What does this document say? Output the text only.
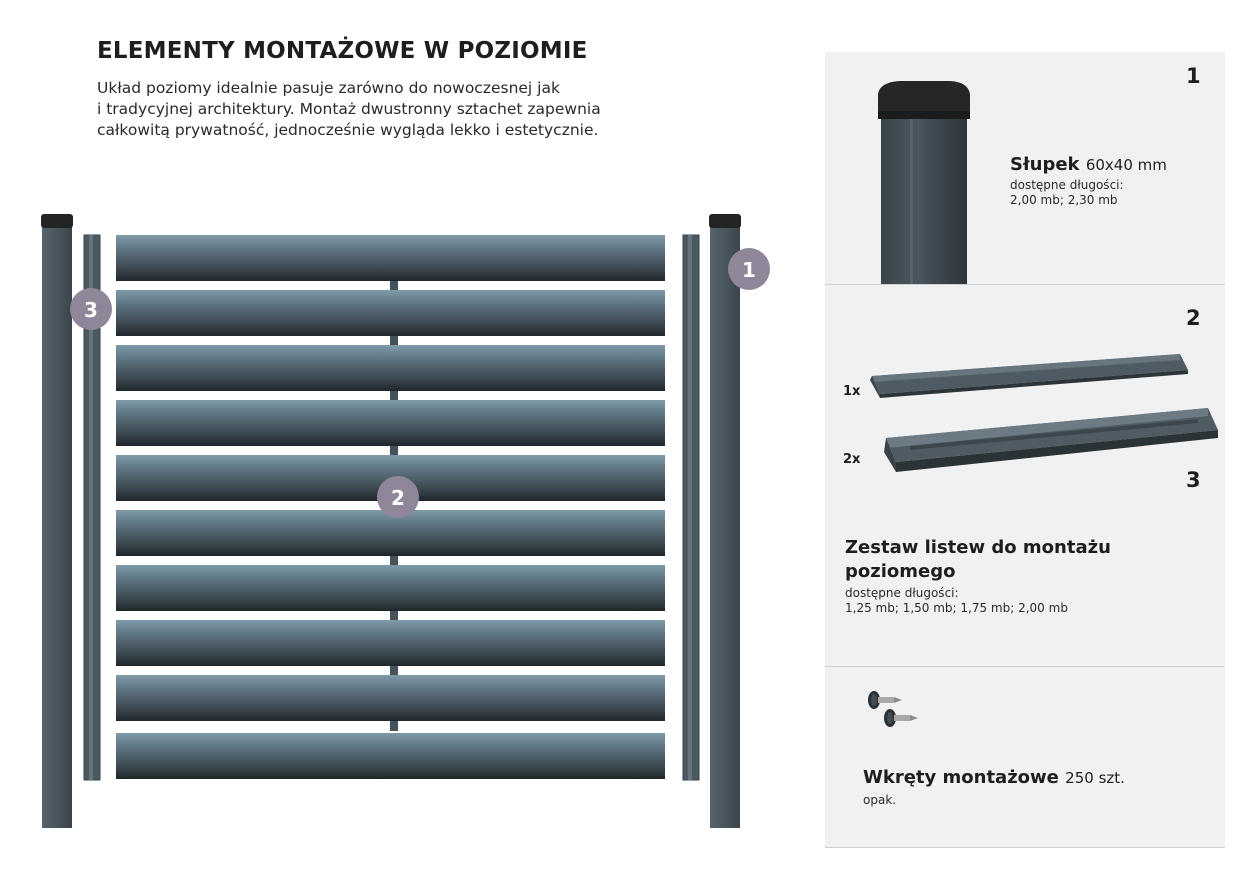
ELEMENTY MONTAŻOWE W POZIOMIE

Układ poziomy idealnie pasuje zarówno do nowoczesnej jak
i tradycyjnej architektury. Montaż dwustronny sztachet zapewnia
całkowitą prywatność, jednocześnie wygląda lekko i estetycznie.

1
3
2
1
Słupek 60x40 mm
dostępne długości:
2,00 mb; 2,30 mb
2
3
1x
2x
Zestaw listew do montażu
poziomego
dostępne długości:
1,25 mb; 1,50 mb; 1,75 mb; 2,00 mb
Wkręty montażowe 250 szt.
opak.
